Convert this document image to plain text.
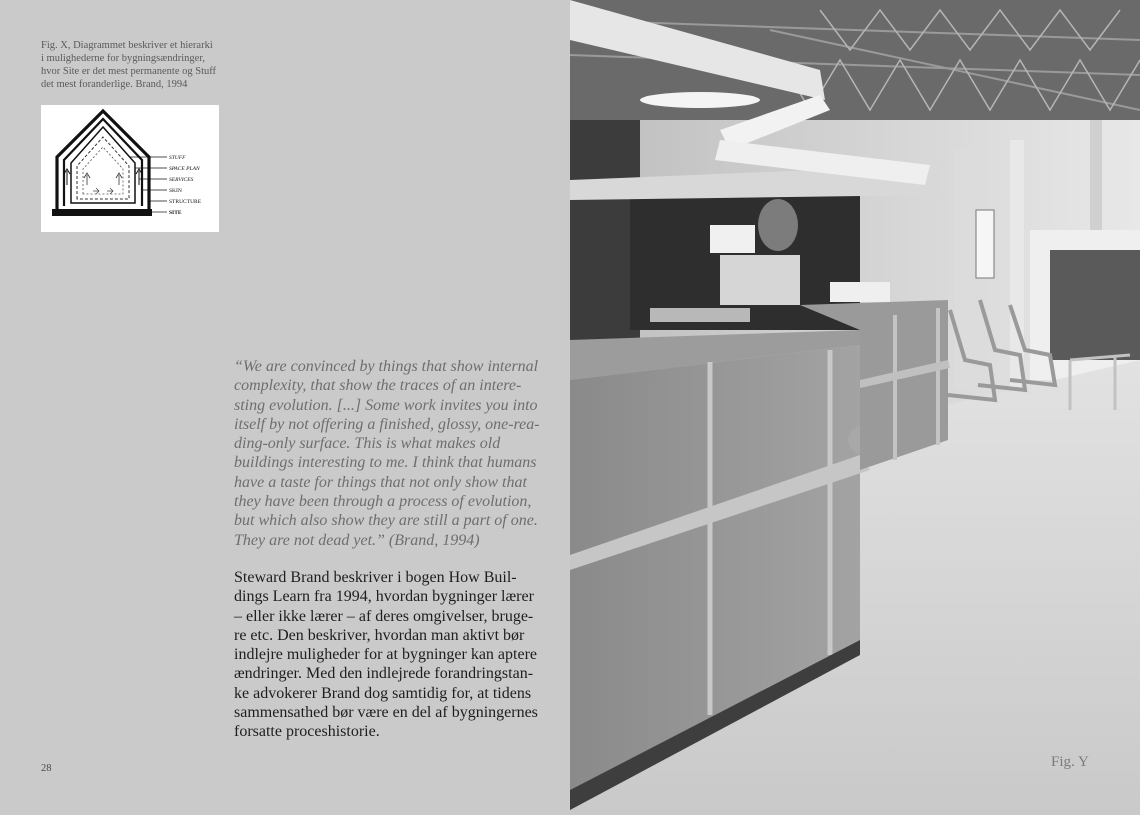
Fig. X, Diagrammet beskriver et hierarki
i mulighederne for bygningsændringer,
hvor Site er det mest permanente og Stuff
det mest foranderlige. Brand, 1994
STUFF
SPACE PLAN
SERVICES
SKIN
STRUCTURE
SITE
“We are convinced by things that show internal
complexity, that show the traces of an intere-
sting evolution. [...] Some work invites you into
itself by not offering a finished, glossy, one-rea-
ding-only surface. This is what makes old
buildings interesting to me. I think that humans
have a taste for things that not only show that
they have been through a process of evolution,
but which also show they are still a part of one.
They are not dead yet.” (Brand, 1994)
Steward Brand beskriver i bogen How Buil-
dings Learn fra 1994, hvordan bygninger lærer
– eller ikke lærer – af deres omgivelser, bruge-
re etc. Den beskriver, hvordan man aktivt bør
indlejre muligheder for at bygninger kan aptere
ændringer. Med den indlejrede forandringstan-
ke advokerer Brand dog samtidig for, at tidens
sammensathed bør være en del af bygningernes
forsatte proceshistorie.
28	Fig. Y
